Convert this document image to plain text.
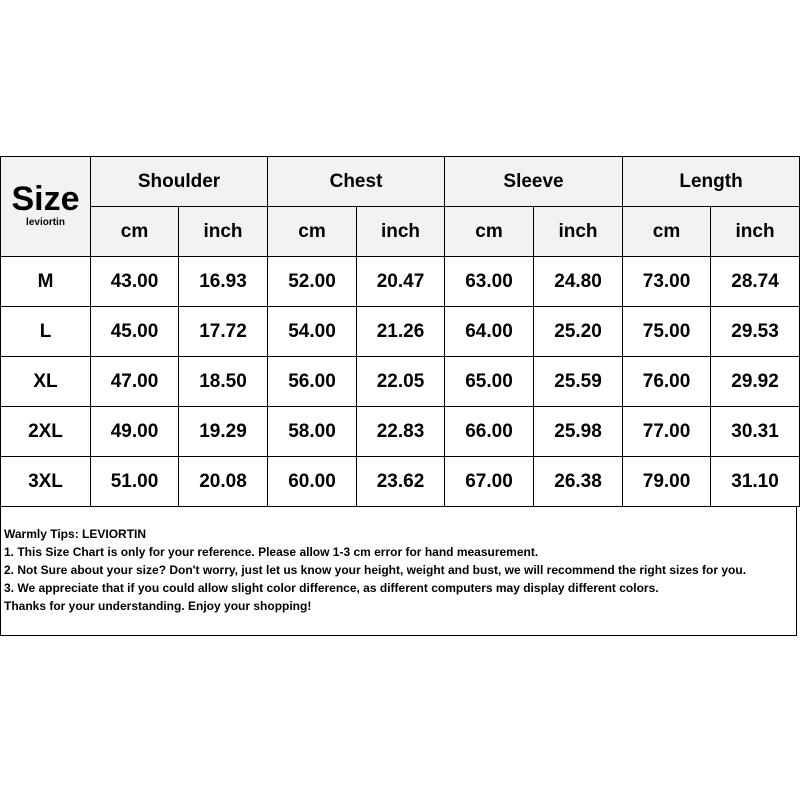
Size
leviortin	Shoulder		Chest		Sleeve		Length	
	cm	inch	cm	inch	cm	inch	cm	inch
M	43.00	16.93	52.00	20.47	63.00	24.80	73.00	28.74
L	45.00	17.72	54.00	21.26	64.00	25.20	75.00	29.53
XL	47.00	18.50	56.00	22.05	65.00	25.59	76.00	29.92
2XL	49.00	19.29	58.00	22.83	66.00	25.98	77.00	30.31
3XL	51.00	20.08	60.00	23.62	67.00	26.38	79.00	31.10
Warmly Tips: LEVIORTIN
1. This Size Chart is only for your reference. Please allow 1-3 cm error for hand measurement.
2. Not Sure about your size? Don't worry, just let us know your height, weight and bust, we will recommend the right sizes for you.
3. We appreciate that if you could allow slight color difference, as different computers may display different colors.
Thanks for your understanding. Enjoy your shopping!
